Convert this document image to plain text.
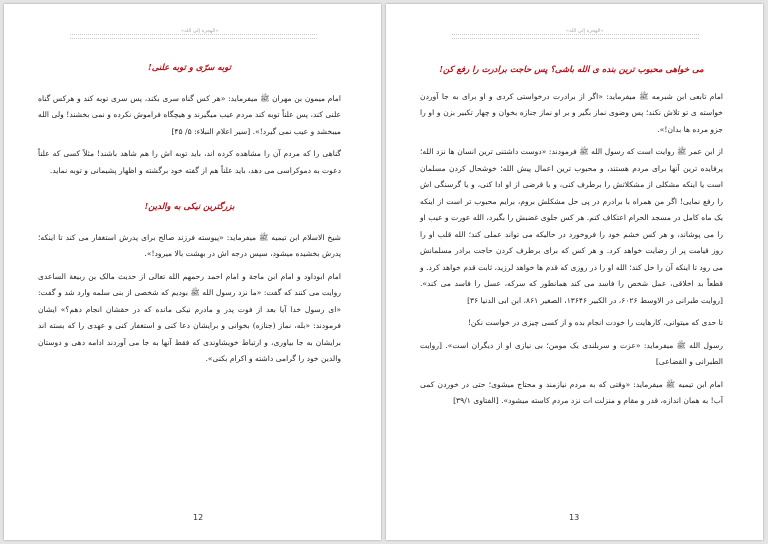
«الهجرة إلى الله»
توبه سرّی و توبه علنی!

امام میمون بن مهران ﷺ میفرماید: «هر کس گناه سری بکند، پس سری توبه کند و هرکس گناه علنی کند، پس علناً توبه کند مردم عیب میگیرند و هیچگاه فراموش نکرده و نمی بخشند! ولی الله میبخشد و عیب نمی گیرد!». [سیر اعلام النبلاء: ۵/ ۴۵]

گناهی را که مردم آن را مشاهده کرده اند، باید توبه اش را هم شاهد باشند! مثلاً کسی که علناً دعوت به دموکراسی می دهد، باید علناً هم از گفته خود برگشته و اظهار پشیمانی و توبه نماید.

بزرگترین نیکی به والدین!

شیخ الاسلام ابن تیمیه ﷺ میفرماید: «پیوسته فرزند صالح برای پدرش استغفار می کند تا اینکه؛ پدرش بخشیده میشود، سپس درجه اش در بهشت بالا میرود!».

امام ابوداود و امام ابن ماجة و امام احمد رحمهم الله تعالی از حدیث مالک بن ربیعة الساعدی روایت می کنند که گفت: «ما نزد رسول الله ﷺ بودیم که شخصی از بنی سلمه وارد شد و گفت: «ای رسول خدا آیا بعد از فوت پدر و مادرم نیکی مانده که در حقشان انجام دهم؟» ایشان فرمودند: «بله، نماز (جنازه) بخوانی و برایشان دعا کنی و استغفار کنی و عهدی را که بسته اند برایشان به جا بیاوری، و ارتباط خویشاوندی که فقط آنها به جا می آوردند ادامه دهی و دوستان والدین خود را گرامی داشته و اکرام بکنی».

12
«الهجرة إلى الله»
می خواهی محبوب ترین بنده ی الله باشی؟ پس حاجت برادرت را رفع کن!

امام تابعی ابن شبرمه ﷺ میفرماید: «اگر از برادرت درخواستی کردی و او برای به جا آوردن خواسته ی تو تلاش نکند؛ پس وضوی نماز بگیر و بر او نماز جنازه بخوان و چهار تکبیر بزن و او را جزو مرده ها بدان!».

از ابن عمر ﷺ روایت است که رسول الله ﷺ فرمودند: «دوست داشتنی ترین انسان ها نزد الله؛ پرفایده ترین آنها برای مردم هستند، و محبوب ترین اعمال پیش الله؛ خوشحال کردن مسلمان است یا اینکه مشکلی از مشکلاتش را برطرف کنی، و یا قرضی از او ادا کنی، و یا گرسنگی اش را رفع نمایی! اگر من همراه با برادرم در پی حل مشکلش بروم، برایم محبوب تر است از اینکه یک ماه کامل در مسجد الحرام اعتکاف کنم. هر کس جلوی غضبش را بگیرد، الله عورت و عیب او را می پوشاند، و هر کس خشم خود را فروخورد در حالیکه می تواند عملی کند؛ الله قلب او را روز قیامت پر از رضایت خواهد کرد. و هر کس که برای برطرف کردن حاجت برادر مسلمانش می رود تا اینکه آن را حل کند؛ الله او را در روزی که قدم ها خواهد لرزید، ثابت قدم خواهد کرد. و قطعاً بد اخلاقی، عمل شخص را فاسد می کند همانطور که سرکه، عسل را فاسد می کند». [روایت طبرانی در الاوسط ۶۰۲۶، در الکبیر ۱۳۶۴۶، الصغیر ۸۶۱، ابن ابی الدنیا ۳۶]

تا حدی که میتوانی، کارهایت را خودت انجام بده و از کسی چیزی در خواست نکن!

رسول الله ﷺ میفرماید: «عزت و سربلندی یک مومن؛ بی نیازی او از دیگران است». [روایت الطبرانی و القضاعی]

امام ابن تیمیه ﷺ میفرماید: «وقتی که به مردم نیازمند و محتاج میشوی؛ حتی در خوردن کمی آب! به همان اندازه، قدر و مقام و منزلت ات نزد مردم کاسته میشود». [الفتاوی ۳۹/۱]

13
